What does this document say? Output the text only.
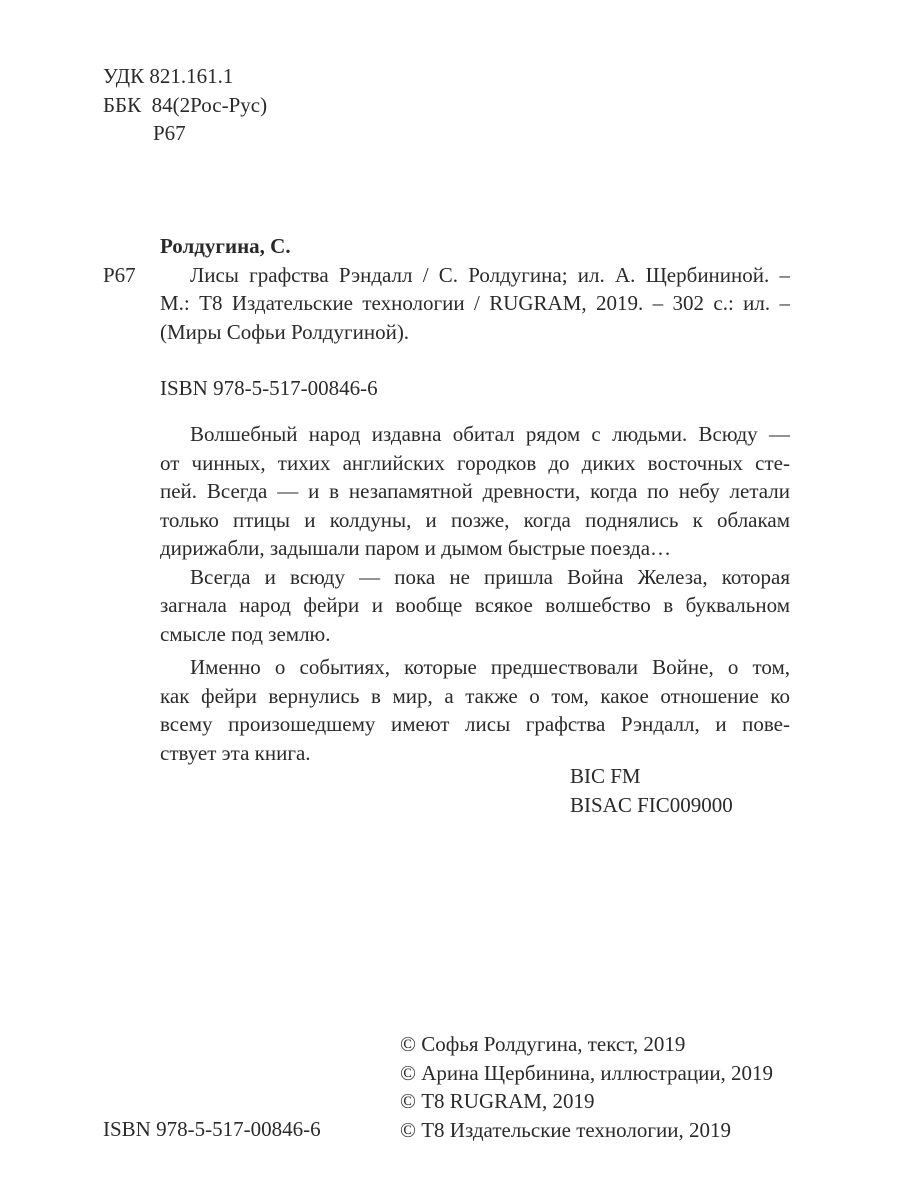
УДК 821.161.1
ББК  84(2Рос-Рус)
Р67
Р67
Ролдугина, С.
Лисы графства Рэндалл / С. Ролдугина; ил. А. Щербининой. –
М.: Т8 Издательские технологии / RUGRAM, 2019. – 302 с.: ил. –
(Миры Софьи Ролдугиной).
ISBN 978-5-517-00846-6
Волшебный народ издавна обитал рядом с людьми. Всюду —
от чинных, тихих английских городков до диких восточных сте-
пей. Всегда — и в незапамятной древности, когда по небу летали
только птицы и колдуны, и позже, когда поднялись к облакам
дирижабли, задышали паром и дымом быстрые поезда…
Всегда и всюду — пока не пришла Война Железа, которая
загнала народ фейри и вообще всякое волшебство в буквальном
смысле под землю.
Именно о событиях, которые предшествовали Войне, о том,
как фейри вернулись в мир, а также о том, какое отношение ко
всему произошедшему имеют лисы графства Рэндалл, и пове-
ствует эта книга.
BIC FM
BISAC FIC009000
© Софья Ролдугина, текст, 2019
© Арина Щербинина, иллюстрации, 2019
© Т8 RUGRAM, 2019
© Т8 Издательские технологии, 2019
ISBN 978-5-517-00846-6
